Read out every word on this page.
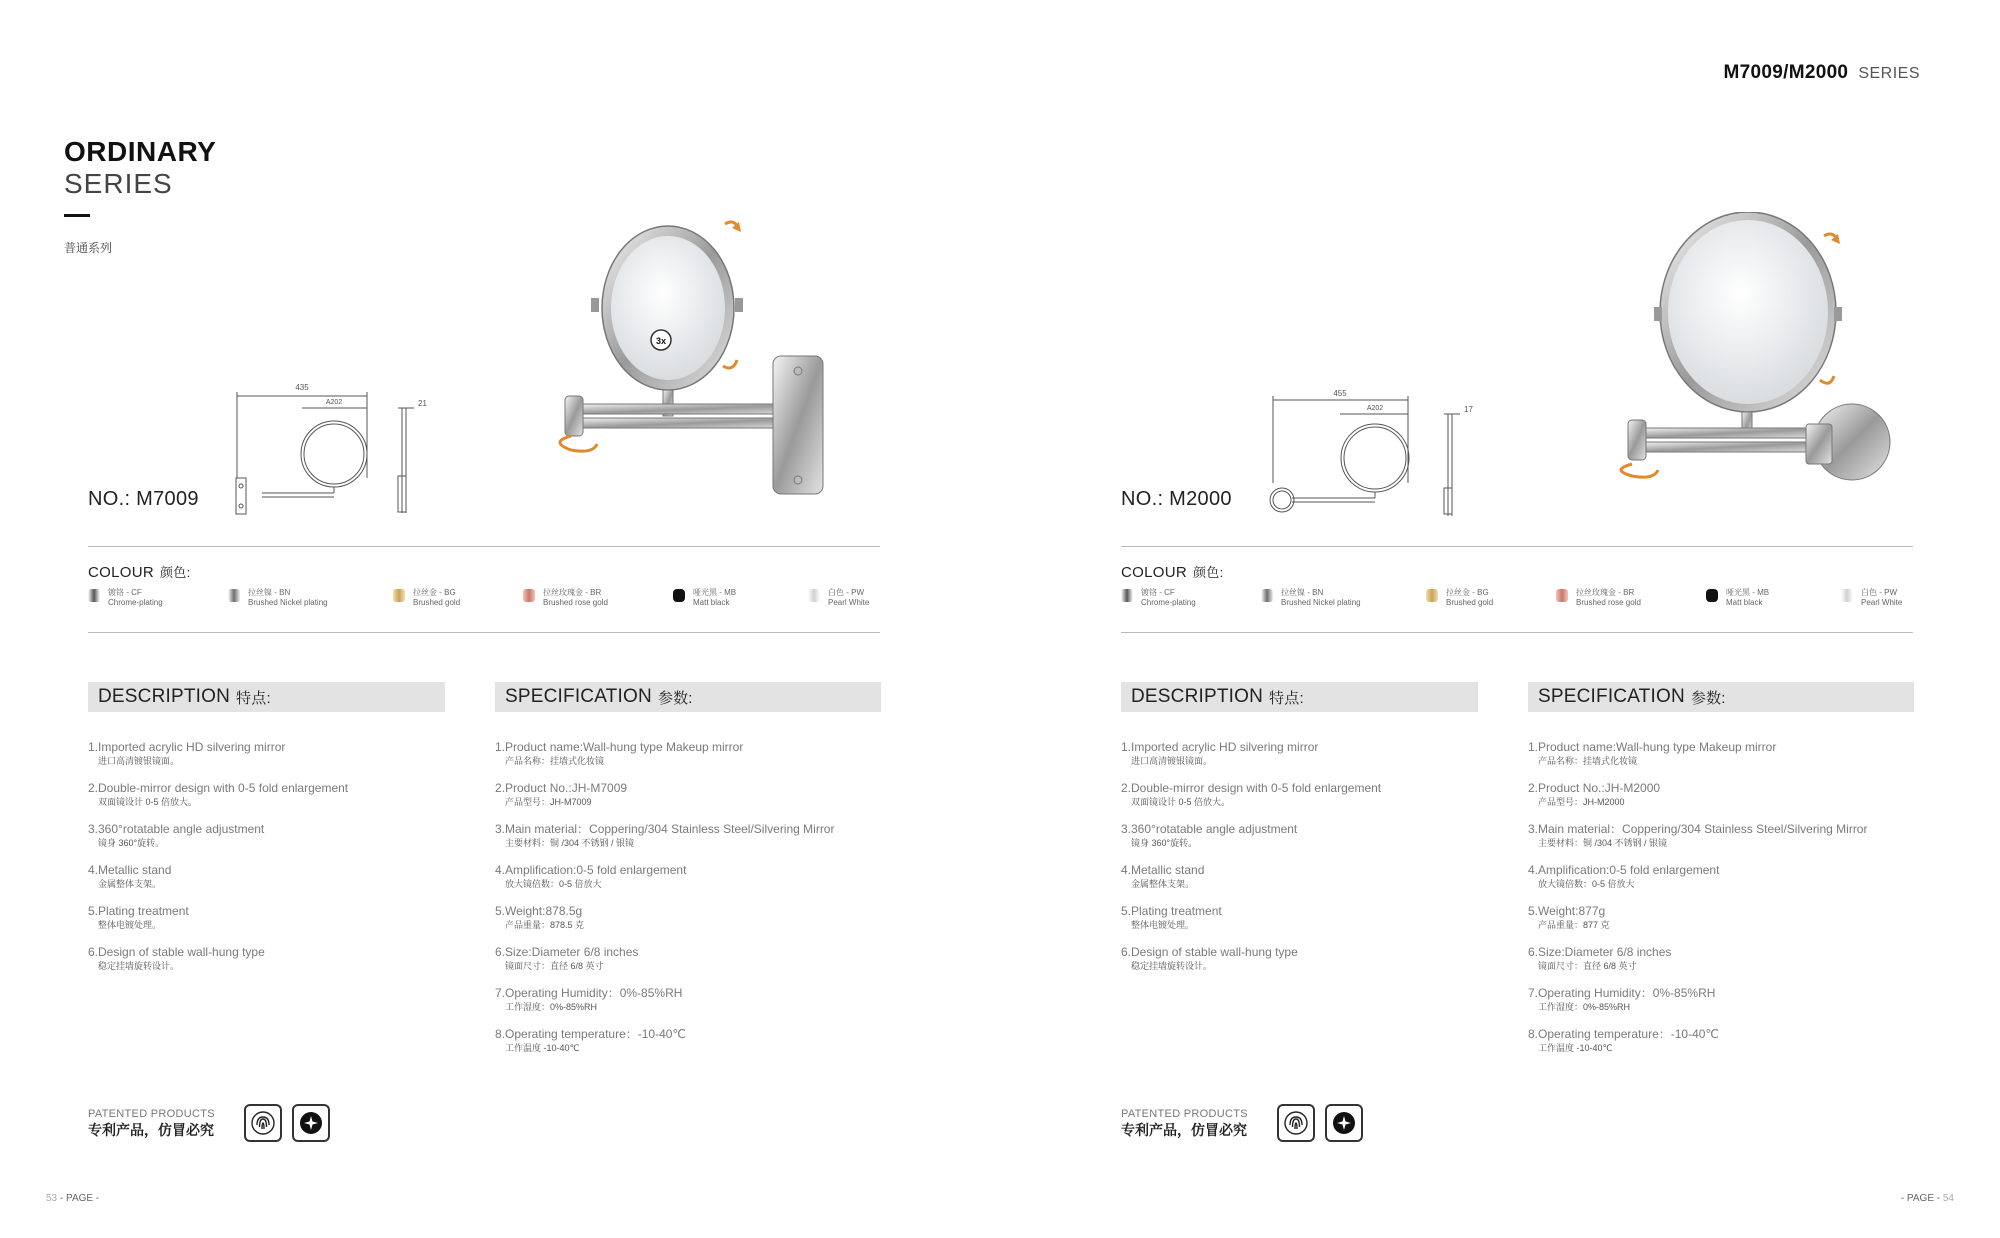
M7009/M2000 SERIES
ORDINARY
SERIES
普通系列
435
A202	21
NO.: M7009
3x
COLOUR 颜色:
镀铬 - CF
Chrome-plating
拉丝镍 - BN
Brushed Nickel plating
拉丝金 - BG
Brushed gold
拉丝玫瑰金 - BR
Brushed rose gold
哑光黑 - MB
Matt black
白色 - PW
Pearl White
DESCRIPTION 特点:
1.Imported acrylic HD silvering mirror
进口高清镀银镜面。
2.Double-mirror design with 0-5 fold enlargement
双面镜设计 0-5 倍放大。
3.360°rotatable angle adjustment
镜身 360°旋转。
4.Metallic stand
金属整体支架。
5.Plating treatment
整体电镀处理。
6.Design of stable wall-hung type
稳定挂墙旋转设计。
SPECIFICATION 参数:
1.Product name:Wall-hung type Makeup mirror
产品名称：挂墙式化妆镜
2.Product No.:JH-M7009
产品型号：JH-M7009
3.Main material：Coppering/304 Stainless Steel/Silvering Mirror
主要材料：铜 /304 不锈钢 / 银镜
4.Amplification:0-5 fold enlargement
放大镜倍数：0-5 倍放大
5.Weight:878.5g
产品重量：878.5 克
6.Size:Diameter 6/8 inches
镜面尺寸：直径 6/8 英寸
7.Operating Humidity：0%-85%RH
工作湿度：0%-85%RH
8.Operating temperature：-10-40℃
工作温度 -10-40℃
PATENTED PRODUCTS
专利产品，仿冒必究
53 - PAGE -
455
A202	17
NO.: M2000
COLOUR 颜色:
镀铬 - CF
Chrome-plating
拉丝镍 - BN
Brushed Nickel plating
拉丝金 - BG
Brushed gold
拉丝玫瑰金 - BR
Brushed rose gold
哑光黑 - MB
Matt black
白色 - PW
Pearl White
DESCRIPTION 特点:
1.Imported acrylic HD silvering mirror
进口高清镀银镜面。
2.Double-mirror design with 0-5 fold enlargement
双面镜设计 0-5 倍放大。
3.360°rotatable angle adjustment
镜身 360°旋转。
4.Metallic stand
金属整体支架。
5.Plating treatment
整体电镀处理。
6.Design of stable wall-hung type
稳定挂墙旋转设计。
SPECIFICATION 参数:
1.Product name:Wall-hung type Makeup mirror
产品名称：挂墙式化妆镜
2.Product No.:JH-M2000
产品型号：JH-M2000
3.Main material：Coppering/304 Stainless Steel/Silvering Mirror
主要材料：铜 /304 不锈钢 / 银镜
4.Amplification:0-5 fold enlargement
放大镜倍数：0-5 倍放大
5.Weight:877g
产品重量：877 克
6.Size:Diameter 6/8 inches
镜面尺寸：直径 6/8 英寸
7.Operating Humidity：0%-85%RH
工作湿度：0%-85%RH
8.Operating temperature：-10-40℃
工作温度 -10-40℃
PATENTED PRODUCTS
专利产品，仿冒必究
- PAGE - 54
